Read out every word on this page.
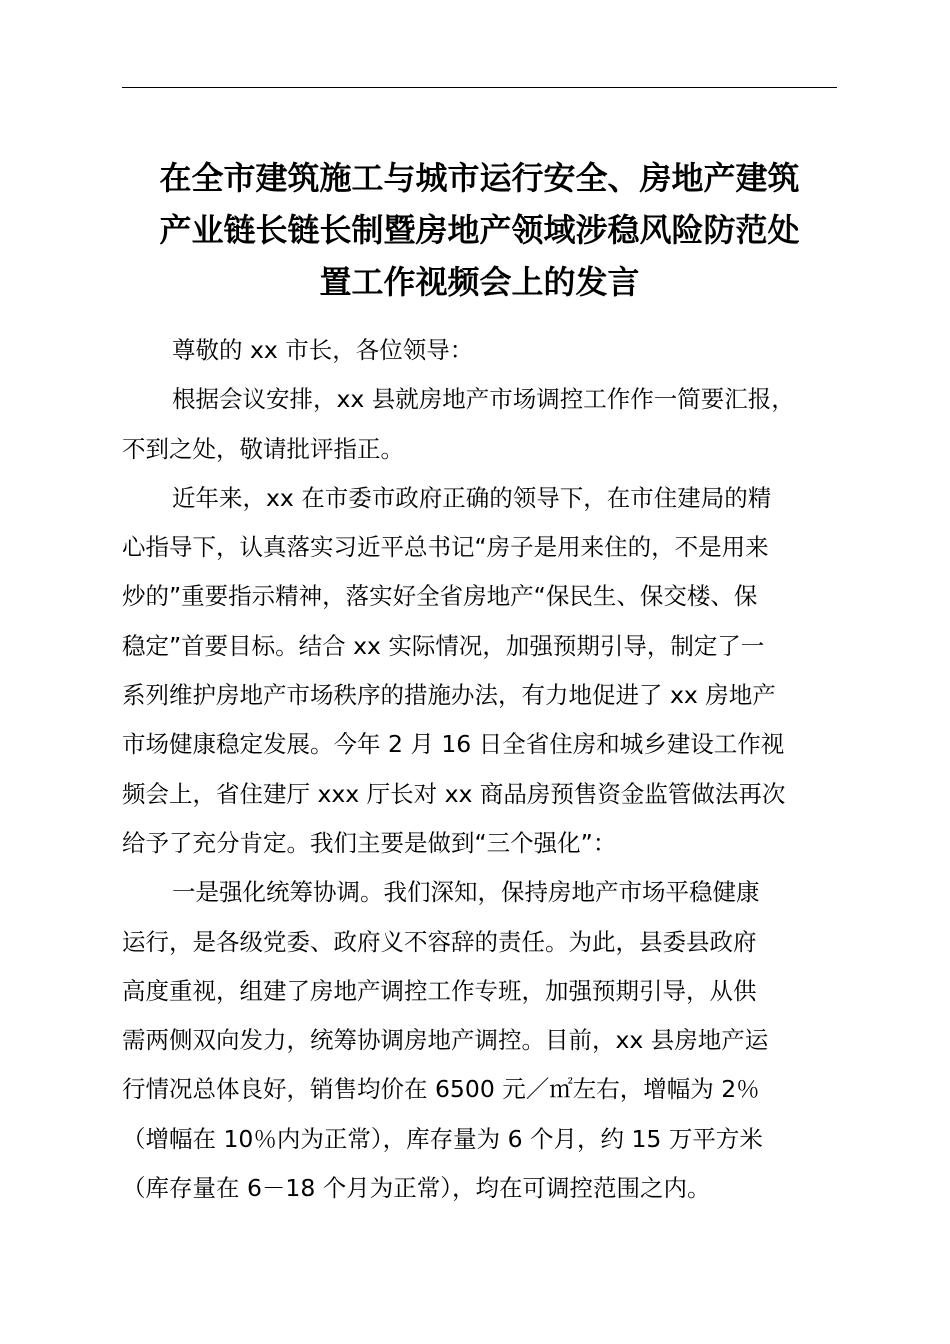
在全市建筑施工与城市运行安全、房地产建筑
产业链长链长制暨房地产领域涉稳风险防范处
置工作视频会上的发言

尊敬的 xx 市长，各位领导：

根据会议安排，xx 县就房地产市场调控工作作一简要汇报，
不到之处，敬请批评指正。

近年来，xx 在市委市政府正确的领导下，在市住建局的精
心指导下，认真落实习近平总书记“房子是用来住的，不是用来
炒的”重要指示精神，落实好全省房地产“保民生、保交楼、保
稳定”首要目标。结合 xx 实际情况，加强预期引导，制定了一
系列维护房地产市场秩序的措施办法，有力地促进了 xx 房地产
市场健康稳定发展。今年 2 月 16 日全省住房和城乡建设工作视
频会上，省住建厅 xxx 厅长对 xx 商品房预售资金监管做法再次
给予了充分肯定。我们主要是做到“三个强化”：

一是强化统筹协调。我们深知，保持房地产市场平稳健康
运行，是各级党委、政府义不容辞的责任。为此，县委县政府
高度重视，组建了房地产调控工作专班，加强预期引导，从供
需两侧双向发力，统筹协调房地产调控。目前，xx 县房地产运
行情况总体良好，销售均价在 6500 元／㎡左右，增幅为 2％
（增幅在 10％内为正常），库存量为 6 个月，约 15 万平方米
（库存量在 6－18 个月为正常），均在可调控范围之内。
